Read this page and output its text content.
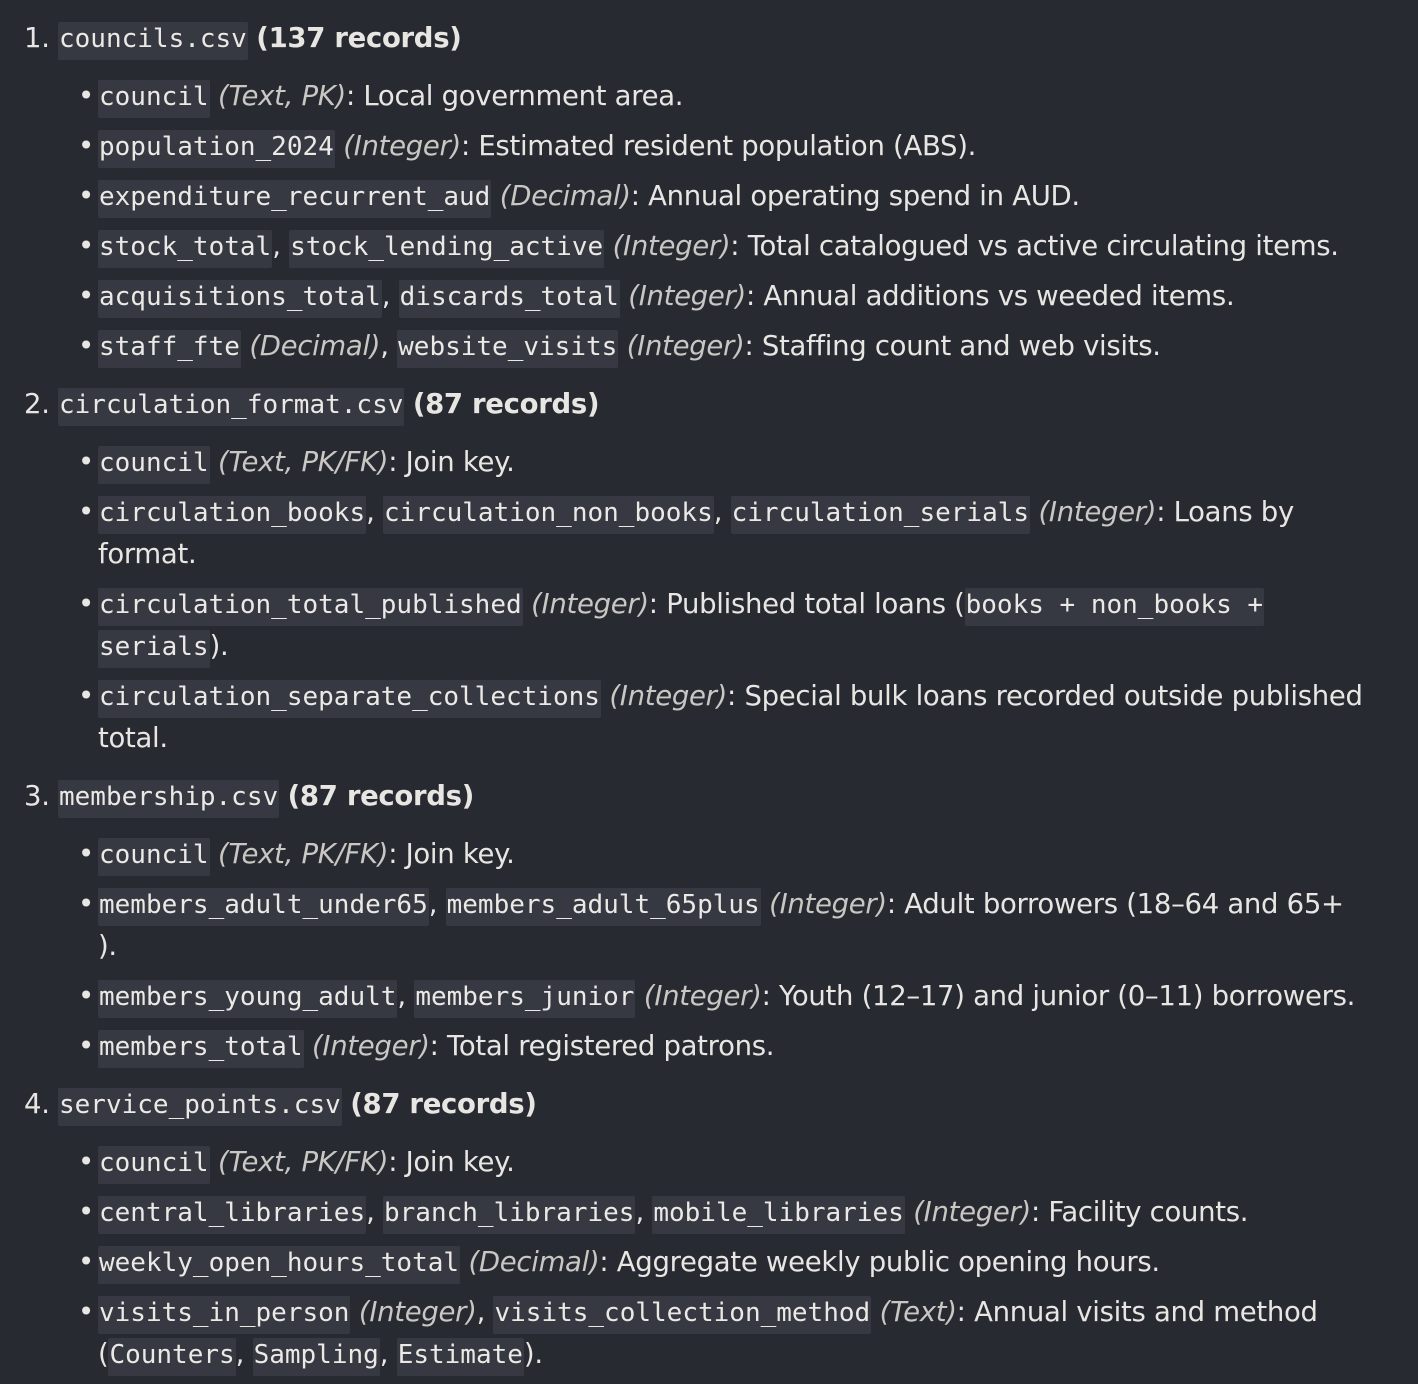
1. councils.csv (137 records)
• council (Text, PK): Local government area.
• population_2024 (Integer): Estimated resident population (ABS).
• expenditure_recurrent_aud (Decimal): Annual operating spend in AUD.
• stock_total, stock_lending_active (Integer): Total catalogued vs active circulating items.
• acquisitions_total, discards_total (Integer): Annual additions vs weeded items.
• staff_fte (Decimal), website_visits (Integer): Staffing count and web visits.
2. circulation_format.csv (87 records)
• council (Text, PK/FK): Join key.
• circulation_books, circulation_non_books, circulation_serials (Integer): Loans by
format.
• circulation_total_published (Integer): Published total loans (books + non_books +
serials).
• circulation_separate_collections (Integer): Special bulk loans recorded outside published
total.
3. membership.csv (87 records)
• council (Text, PK/FK): Join key.
• members_adult_under65, members_adult_65plus (Integer): Adult borrowers (18–64 and 65+
).
• members_young_adult, members_junior (Integer): Youth (12–17) and junior (0–11) borrowers.
• members_total (Integer): Total registered patrons.
4. service_points.csv (87 records)
• council (Text, PK/FK): Join key.
• central_libraries, branch_libraries, mobile_libraries (Integer): Facility counts.
• weekly_open_hours_total (Decimal): Aggregate weekly public opening hours.
• visits_in_person (Integer), visits_collection_method (Text): Annual visits and method
(Counters, Sampling, Estimate).
